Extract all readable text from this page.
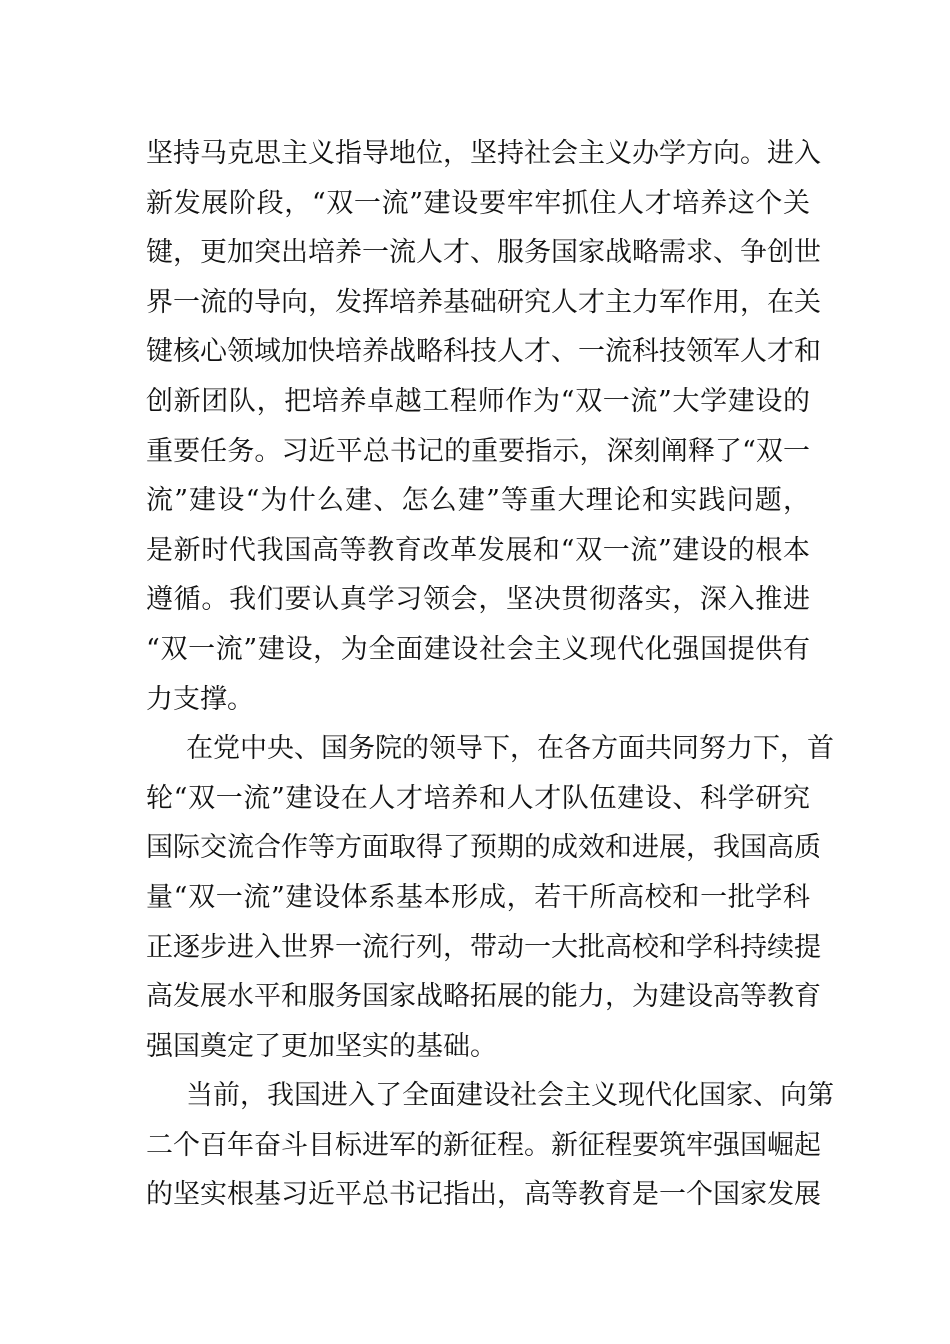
坚持马克思主义指导地位，坚持社会主义办学方向。进入
新发展阶段，“双一流”建设要牢牢抓住人才培养这个关
键，更加突出培养一流人才、服务国家战略需求、争创世
界一流的导向，发挥培养基础研究人才主力军作用，在关
键核心领域加快培养战略科技人才、一流科技领军人才和
创新团队，把培养卓越工程师作为“双一流”大学建设的
重要任务。习近平总书记的重要指示，深刻阐释了“双一
流”建设“为什么建、怎么建”等重大理论和实践问题，
是新时代我国高等教育改革发展和“双一流”建设的根本
遵循。我们要认真学习领会，坚决贯彻落实，深入推进
“双一流”建设，为全面建设社会主义现代化强国提供有
力支撑。
在党中央、国务院的领导下，在各方面共同努力下，首
轮“双一流”建设在人才培养和人才队伍建设、科学研究
国际交流合作等方面取得了预期的成效和进展，我国高质
量“双一流”建设体系基本形成，若干所高校和一批学科
正逐步进入世界一流行列，带动一大批高校和学科持续提
高发展水平和服务国家战略拓展的能力，为建设高等教育
强国奠定了更加坚实的基础。
当前，我国进入了全面建设社会主义现代化国家、向第
二个百年奋斗目标进军的新征程。新征程要筑牢强国崛起
的坚实根基习近平总书记指出，高等教育是一个国家发展
